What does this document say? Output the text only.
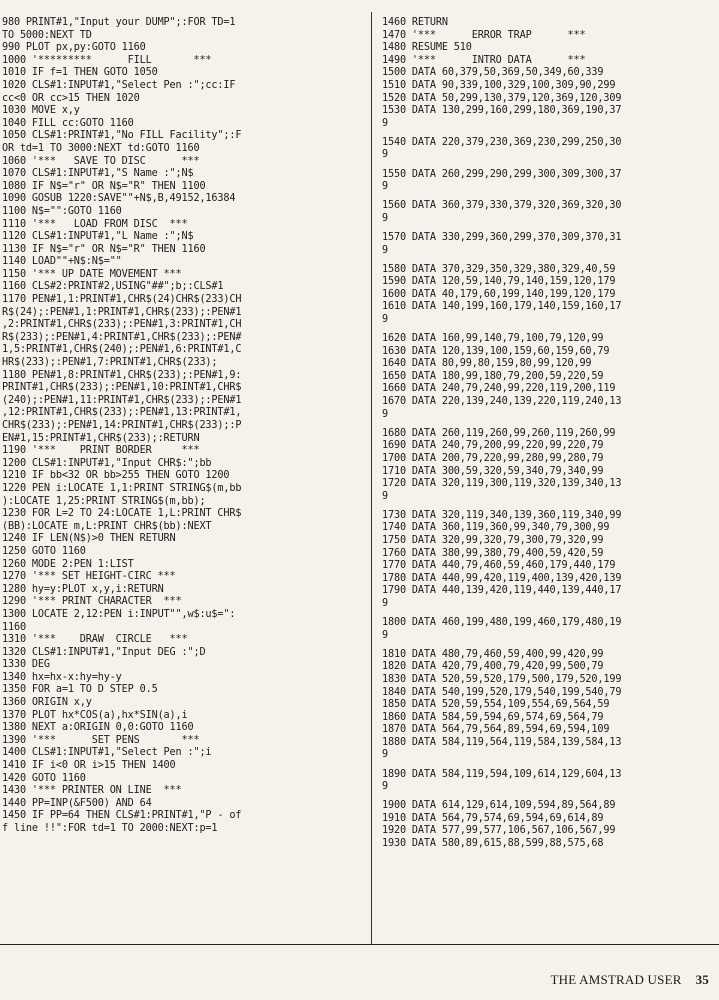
980 PRINT#1,"Input your DUMP";:FOR TD=1
TO 5000:NEXT TD
990 PLOT px,py:GOTO 1160
1000 '*********      FILL       ***
1010 IF f=1 THEN GOTO 1050
1020 CLS#1:INPUT#1,"Select Pen :";cc:IF
cc<0 OR cc>15 THEN 1020
1030 MOVE x,y
1040 FILL cc:GOTO 1160
1050 CLS#1:PRINT#1,"No FILL Facility";:F
OR td=1 TO 3000:NEXT td:GOTO 1160
1060 '***   SAVE TO DISC      ***
1070 CLS#1:INPUT#1,"S Name :";N$
1080 IF N$="r" OR N$="R" THEN 1100
1090 GOSUB 1220:SAVE""+N$,B,49152,16384
1100 N$="":GOTO 1160
1110 '***   LOAD FROM DISC  ***
1120 CLS#1:INPUT#1,"L Name :";N$
1130 IF N$="r" OR N$="R" THEN 1160
1140 LOAD""+N$:N$=""
1150 '*** UP DATE MOVEMENT ***
1160 CLS#2:PRINT#2,USING"##";b;:CLS#1
1170 PEN#1,1:PRINT#1,CHR$(24)CHR$(233)CH
R$(24);:PEN#1,1:PRINT#1,CHR$(233);:PEN#1
,2:PRINT#1,CHR$(233);:PEN#1,3:PRINT#1,CH
R$(233);:PEN#1,4:PRINT#1,CHR$(233);:PEN#
1,5:PRINT#1,CHR$(240);:PEN#1,6:PRINT#1,C
HR$(233);:PEN#1,7:PRINT#1,CHR$(233);
1180 PEN#1,8:PRINT#1,CHR$(233);:PEN#1,9:
PRINT#1,CHR$(233);:PEN#1,10:PRINT#1,CHR$
(240);:PEN#1,11:PRINT#1,CHR$(233);:PEN#1
,12:PRINT#1,CHR$(233);:PEN#1,13:PRINT#1,
CHR$(233);:PEN#1,14:PRINT#1,CHR$(233);:P
EN#1,15:PRINT#1,CHR$(233);:RETURN
1190 '***    PRINT BORDER     ***
1200 CLS#1:INPUT#1,"Input CHR$:";bb
1210 IF bb<32 OR bb>255 THEN GOTO 1200
1220 PEN i:LOCATE 1,1:PRINT STRING$(m,bb
):LOCATE 1,25:PRINT STRING$(m,bb);
1230 FOR L=2 TO 24:LOCATE 1,L:PRINT CHR$
(BB):LOCATE m,L:PRINT CHR$(bb):NEXT
1240 IF LEN(N$)>0 THEN RETURN
1250 GOTO 1160
1260 MODE 2:PEN 1:LIST
1270 '*** SET HEIGHT-CIRC ***
1280 hy=y:PLOT x,y,i:RETURN
1290 '*** PRINT CHARACTER  ***
1300 LOCATE 2,12:PEN i:INPUT"",w$:u$=":
1160
1310 '***    DRAW  CIRCLE   ***
1320 CLS#1:INPUT#1,"Input DEG :";D
1330 DEG
1340 hx=hx-x:hy=hy-y
1350 FOR a=1 TO D STEP 0.5
1360 ORIGIN x,y
1370 PLOT hx*COS(a),hx*SIN(a),i
1380 NEXT a:ORIGIN 0,0:GOTO 1160
1390 '***      SET PENS       ***
1400 CLS#1:INPUT#1,"Select Pen :";i
1410 IF i<0 OR i>15 THEN 1400
1420 GOTO 1160
1430 '*** PRINTER ON LINE  ***
1440 PP=INP(&F500) AND 64
1450 IF PP=64 THEN CLS#1:PRINT#1,"P - of
f line !!":FOR td=1 TO 2000:NEXT:p=1
1460 RETURN
1470 '***      ERROR TRAP      ***
1480 RESUME 510
1490 '***      INTRO DATA      ***
1500 DATA 60,379,50,369,50,349,60,339
1510 DATA 90,339,100,329,100,309,90,299
1520 DATA 50,299,130,379,120,369,120,309
1530 DATA 130,299,160,299,180,369,190,37
9
1540 DATA 220,379,230,369,230,299,250,30
9
1550 DATA 260,299,290,299,300,309,300,37
9
1560 DATA 360,379,330,379,320,369,320,30
9
1570 DATA 330,299,360,299,370,309,370,31
9
1580 DATA 370,329,350,329,380,329,40,59
1590 DATA 120,59,140,79,140,159,120,179
1600 DATA 40,179,60,199,140,199,120,179
1610 DATA 140,199,160,179,140,159,160,17
9
1620 DATA 160,99,140,79,100,79,120,99
1630 DATA 120,139,100,159,60,159,60,79
1640 DATA 80,99,80,159,80,99,120,99
1650 DATA 180,99,180,79,200,59,220,59
1660 DATA 240,79,240,99,220,119,200,119
1670 DATA 220,139,240,139,220,119,240,13
9
1680 DATA 260,119,260,99,260,119,260,99
1690 DATA 240,79,200,99,220,99,220,79
1700 DATA 200,79,220,99,280,99,280,79
1710 DATA 300,59,320,59,340,79,340,99
1720 DATA 320,119,300,119,320,139,340,13
9
1730 DATA 320,119,340,139,360,119,340,99
1740 DATA 360,119,360,99,340,79,300,99
1750 DATA 320,99,320,79,300,79,320,99
1760 DATA 380,99,380,79,400,59,420,59
1770 DATA 440,79,460,59,460,179,440,179
1780 DATA 440,99,420,119,400,139,420,139
1790 DATA 440,139,420,119,440,139,440,17
9
1800 DATA 460,199,480,199,460,179,480,19
9
1810 DATA 480,79,460,59,400,99,420,99
1820 DATA 420,79,400,79,420,99,500,79
1830 DATA 520,59,520,179,500,179,520,199
1840 DATA 540,199,520,179,540,199,540,79
1850 DATA 520,59,554,109,554,69,564,59
1860 DATA 584,59,594,69,574,69,564,79
1870 DATA 564,79,564,89,594,69,594,109
1880 DATA 584,119,564,119,584,139,584,13
9
1890 DATA 584,119,594,109,614,129,604,13
9
1900 DATA 614,129,614,109,594,89,564,89
1910 DATA 564,79,574,69,594,69,614,89
1920 DATA 577,99,577,106,567,106,567,99
1930 DATA 580,89,615,88,599,88,575,68
THE AMSTRAD USER 35
